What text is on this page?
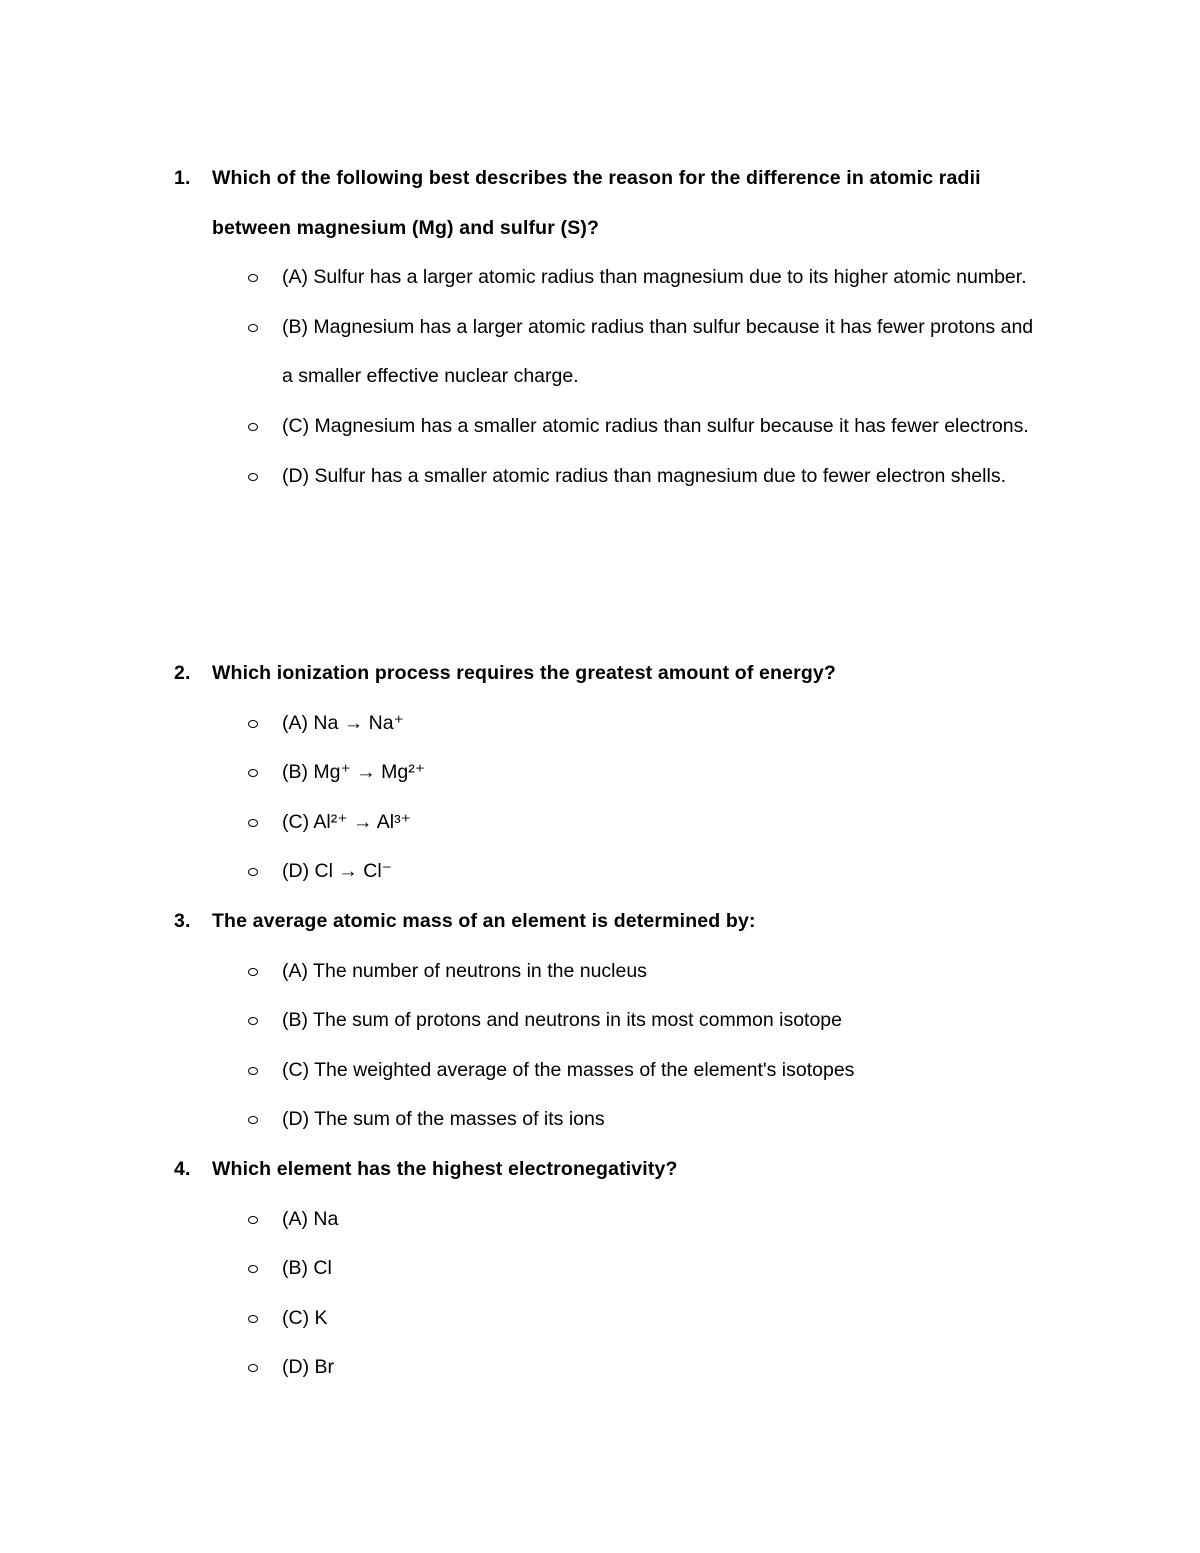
1. Which of the following best describes the reason for the difference in atomic radii between magnesium (Mg) and sulfur (S)?
(A) Sulfur has a larger atomic radius than magnesium due to its higher atomic number.
(B) Magnesium has a larger atomic radius than sulfur because it has fewer protons and a smaller effective nuclear charge.
(C) Magnesium has a smaller atomic radius than sulfur because it has fewer electrons.
(D) Sulfur has a smaller atomic radius than magnesium due to fewer electron shells.
2. Which ionization process requires the greatest amount of energy?
(A) Na → Na⁺
(B) Mg⁺ → Mg²⁺
(C) Al²⁺ → Al³⁺
(D) Cl → Cl⁻
3. The average atomic mass of an element is determined by:
(A) The number of neutrons in the nucleus
(B) The sum of protons and neutrons in its most common isotope
(C) The weighted average of the masses of the element's isotopes
(D) The sum of the masses of its ions
4. Which element has the highest electronegativity?
(A) Na
(B) Cl
(C) K
(D) Br
